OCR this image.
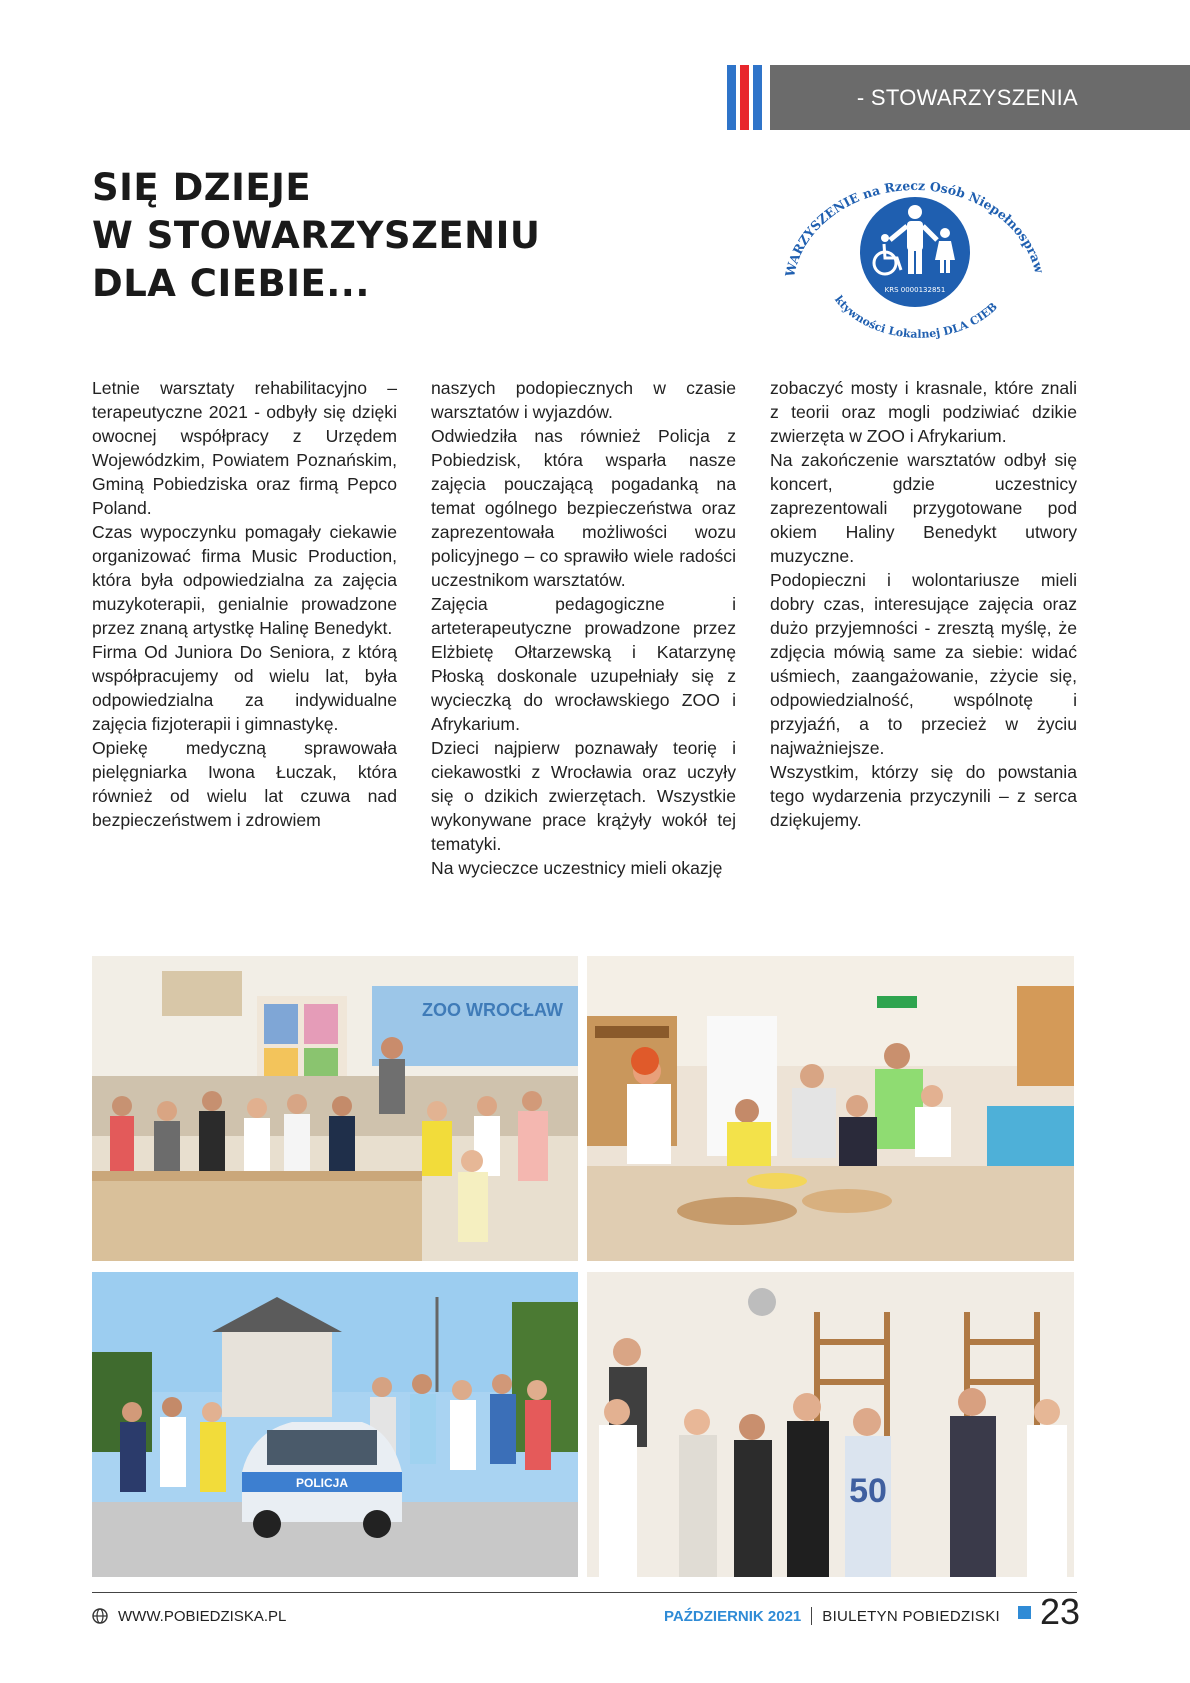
- STOWARZYSZENIA
SIĘ DZIEJE
W STOWARZYSZENIU
DLA CIEBIE...	WARZYSZENIE na Rzecz Osób Niepełnospraw
ktywności Lokalnej DLA CIEB
KRS 0000132851

Letnie warsztaty rehabilitacyjno – terapeutyczne 2021 - odbyły się dzięki owocnej współpracy z Urzędem Wojewódzkim, Powiatem Poznańskim, Gminą Pobiedziska oraz firmą Pepco Poland.

Czas wypoczynku pomagały ciekawie organizować firma Music Production, która była odpowiedzialna za zajęcia muzykoterapii, genialnie prowadzone przez znaną artystkę Halinę Benedykt.

Firma Od Juniora Do Seniora, z którą współpracujemy od wielu lat, była odpowiedzialna za indywidualne zajęcia fizjoterapii i gimnastykę.

Opiekę medyczną sprawowała pielęgniarka Iwona Łuczak, która również od wielu lat czuwa nad bezpieczeństwem i zdrowiem

naszych podopiecznych w czasie warsztatów i wyjazdów.

Odwiedziła nas również Policja z Pobiedzisk, która wsparła nasze zajęcia pouczającą pogadanką na temat ogólnego bezpieczeństwa oraz zaprezentowała możliwości wozu policyjnego – co sprawiło wiele radości uczestnikom warsztatów.

Zajęcia pedagogiczne i arteterapeutyczne prowadzone przez Elżbietę Ołtarzewską i Katarzynę Płoską doskonale uzupełniały się z wycieczką do wrocławskiego ZOO i Afrykarium.

Dzieci najpierw poznawały teorię i ciekawostki z Wrocławia oraz uczyły się o dzikich zwierzętach. Wszystkie wykonywane prace krążyły wokół tej tematyki.

Na wycieczce uczestnicy mieli okazję

zobaczyć mosty i krasnale, które znali z teorii oraz mogli podziwiać dzikie zwierzęta w ZOO i Afrykarium.

Na zakończenie warsztatów odbył się koncert, gdzie uczestnicy zaprezentowali przygotowane pod okiem Haliny Benedykt utwory muzyczne.

Podopieczni i wolontariusze mieli dobry czas, interesujące zajęcia oraz dużo przyjemności - zresztą myślę, że zdjęcia mówią same za siebie: widać uśmiech, zaangażowanie, zżycie się, odpowiedzialność, wspólnotę i przyjaźń, a to przecież w życiu najważniejsze.

Wszystkim, którzy się do powstania tego wydarzenia przyczynili – z serca dziękujemy.

ZOO WROCŁAW
POLICJA	50
WWW.POBIEDZISKA.PL	PAŹDZIERNIK 2021 BIULETYN POBIEDZISKI 23
